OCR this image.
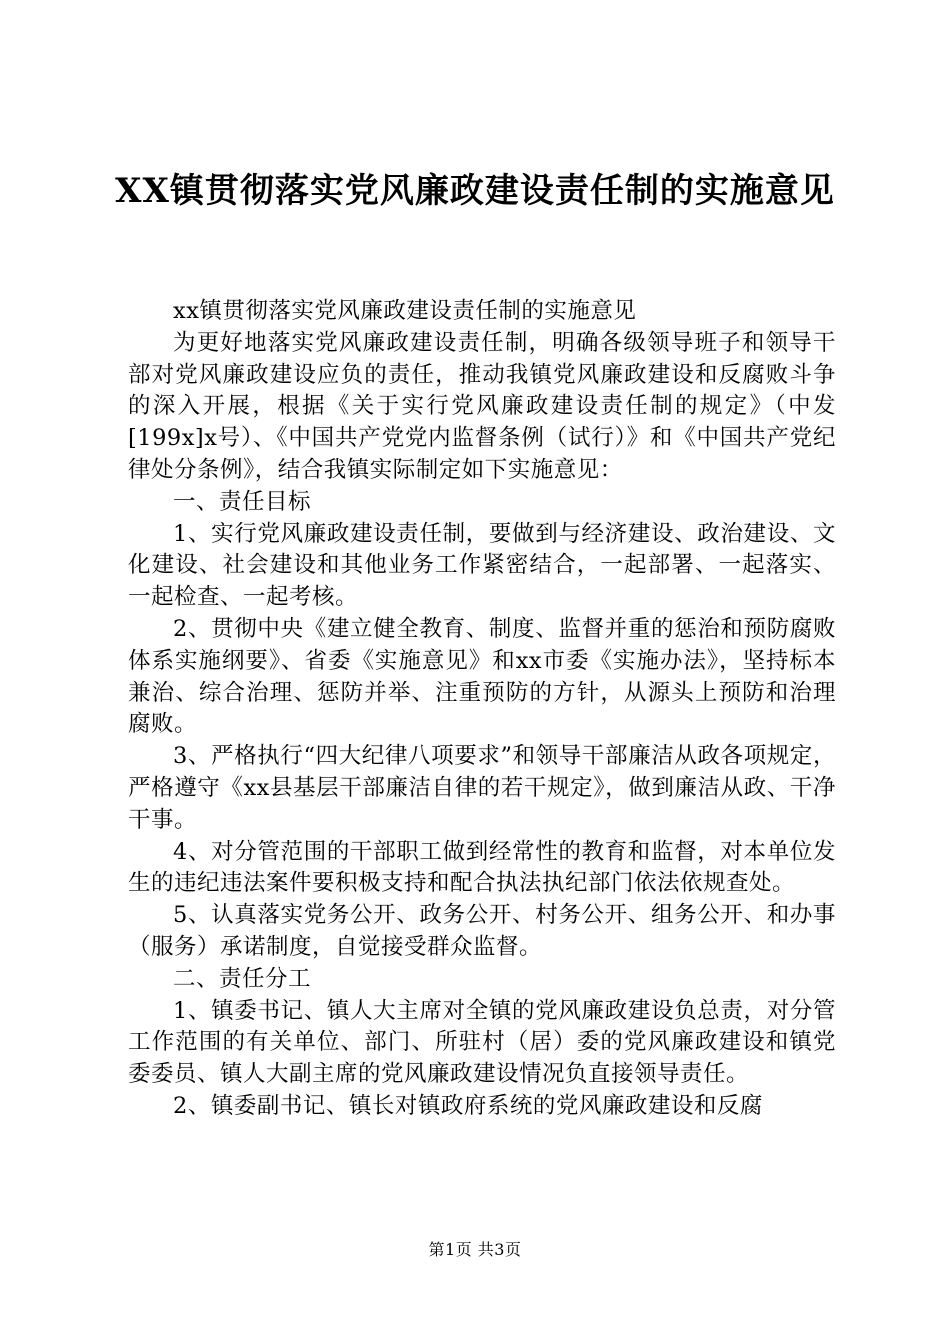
XX镇贯彻落实党风廉政建设责任制的实施意见

xx镇贯彻落实党风廉政建设责任制的实施意见

为更好地落实党风廉政建设责任制，明确各级领导班子和领导干部对党风廉政建设应负的责任，推动我镇党风廉政建设和反腐败斗争的深入开展，根据《关于实行党风廉政建设责任制的规定》（中发[199x]x号）、《中国共产党党内监督条例（试行）》和《中国共产党纪律处分条例》，结合我镇实际制定如下实施意见：

一、责任目标

1、实行党风廉政建设责任制，要做到与经济建设、政治建设、文化建设、社会建设和其他业务工作紧密结合，一起部署、一起落实、一起检查、一起考核。

2、贯彻中央《建立健全教育、制度、监督并重的惩治和预防腐败体系实施纲要》、省委《实施意见》和xx市委《实施办法》，坚持标本兼治、综合治理、惩防并举、注重预防的方针，从源头上预防和治理腐败。

3、严格执行“四大纪律八项要求”和领导干部廉洁从政各项规定，严格遵守《xx县基层干部廉洁自律的若干规定》，做到廉洁从政、干净干事。

4、对分管范围的干部职工做到经常性的教育和监督，对本单位发生的违纪违法案件要积极支持和配合执法执纪部门依法依规查处。

5、认真落实党务公开、政务公开、村务公开、组务公开、和办事（服务）承诺制度，自觉接受群众监督。

二、责任分工

1、镇委书记、镇人大主席对全镇的党风廉政建设负总责，对分管工作范围的有关单位、部门、所驻村（居）委的党风廉政建设和镇党委委员、镇人大副主席的党风廉政建设情况负直接领导责任。

2、镇委副书记、镇长对镇政府系统的党风廉政建设和反腐

第1页 共3页
